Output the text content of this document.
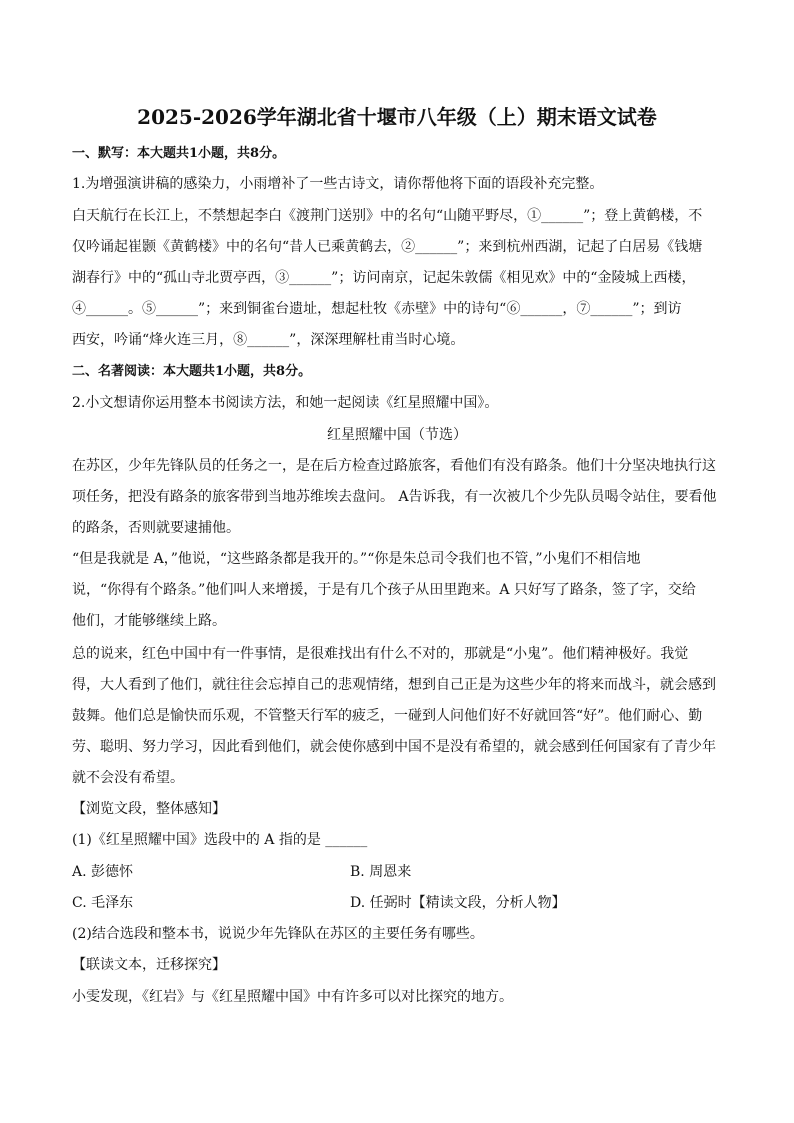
2025-2026学年湖北省十堰市八年级（上）期末语文试卷
一、默写：本大题共1小题，共8分。
1.为增强演讲稿的感染力，小雨增补了一些古诗文，请你帮他将下面的语段补充完整。
白天航行在长江上，不禁想起李白《渡荆门送别》中的名句“山随平野尽，①______”；登上黄鹤楼，不
仅吟诵起崔颢《黄鹤楼》中的名句“昔人已乘黄鹤去，②______”；来到杭州西湖，记起了白居易《钱塘
湖春行》中的“孤山寺北贾亭西，③______”；访问南京，记起朱敦儒《相见欢》中的“金陵城上西楼，
④______。⑤______”；来到铜雀台遗址，想起杜牧《赤壁》中的诗句“⑥______，⑦______”；到访
西安，吟诵“烽火连三月，⑧______”，深深理解杜甫当时心境。
二、名著阅读：本大题共1小题，共8分。
2.小文想请你运用整本书阅读方法，和她一起阅读《红星照耀中国》。
红星照耀中国（节选）
在苏区，少年先锋队员的任务之一，是在后方检查过路旅客，看他们有没有路条。他们十分坚决地执行这
项任务，把没有路条的旅客带到当地苏维埃去盘问。 A告诉我，有一次被几个少先队员喝令站住，要看他
的路条，否则就要逮捕他。
“但是我就是 A，”他说，“这些路条都是我开的。”“你是朱总司令我们也不管，”小鬼们不相信地
说，“你得有个路条。”他们叫人来增援，于是有几个孩子从田里跑来。A 只好写了路条，签了字，交给
他们，才能够继续上路。
总的说来，红色中国中有一件事情，是很难找出有什么不对的，那就是“小鬼”。他们精神极好。我觉
得，大人看到了他们，就往往会忘掉自己的悲观情绪，想到自己正是为这些少年的将来而战斗，就会感到
鼓舞。他们总是愉快而乐观，不管整天行军的疲乏，一碰到人问他们好不好就回答“好”。他们耐心、勤
劳、聪明、努力学习，因此看到他们，就会使你感到中国不是没有希望的，就会感到任何国家有了青少年
就不会没有希望。
【浏览文段，整体感知】
(1)《红星照耀中国》选段中的 A 指的是 ______
A. 彭德怀	B. 周恩来
C. 毛泽东	D. 任弼时【精读文段，分析人物】
(2)结合选段和整本书，说说少年先锋队在苏区的主要任务有哪些。
【联读文本，迁移探究】
小雯发现，《红岩》与《红星照耀中国》中有许多可以对比探究的地方。
